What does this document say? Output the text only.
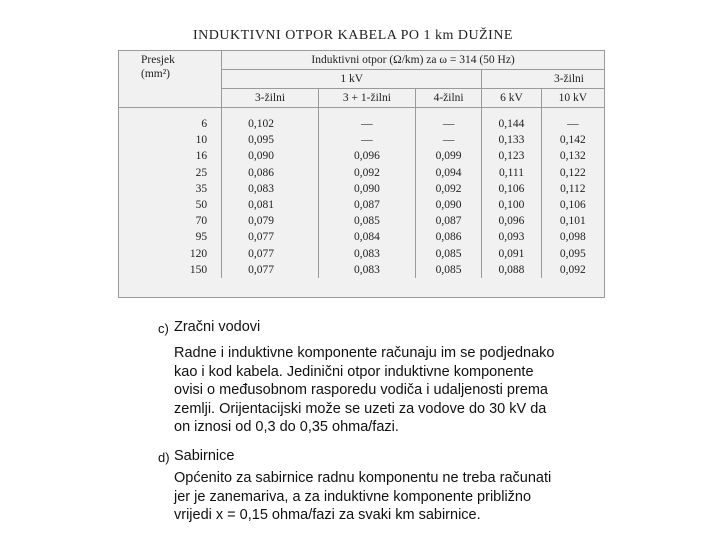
INDUKTIVNI OTPOR KABELA PO 1 km DUŽINE
Presjek
(mm²)	Induktivni otpor (Ω/km) za ω = 314 (50 Hz)				
	1 kV			3-žilni	
	3-žilni	3 + 1-žilni	4-žilni	6 kV	10 kV
6	0,102	—	—	0,144	—
10	0,095	—	—	0,133	0,142
16	0,090	0,096	0,099	0,123	0,132
25	0,086	0,092	0,094	0,111	0,122
35	0,083	0,090	0,092	0,106	0,112
50	0,081	0,087	0,090	0,100	0,106
70	0,079	0,085	0,087	0,096	0,101
95	0,077	0,084	0,086	0,093	0,098
120	0,077	0,083	0,085	0,091	0,095
150	0,077	0,083	0,085	0,088	0,092
c) Zračni vodovi
Radne i induktivne komponente računaju im se podjednako
kao i kod kabela. Jedinični otpor induktivne komponente
ovisi o međusobnom rasporedu vodiča i udaljenosti prema
zemlji. Orijentacijski može se uzeti za vodove do 30 kV da
on iznosi od 0,3 do 0,35 ohma/fazi.
d) Sabirnice
Općenito za sabirnice radnu komponentu ne treba računati
jer je zanemariva, a za induktivne komponente približno
vrijedi x = 0,15 ohma/fazi za svaki km sabirnice.
